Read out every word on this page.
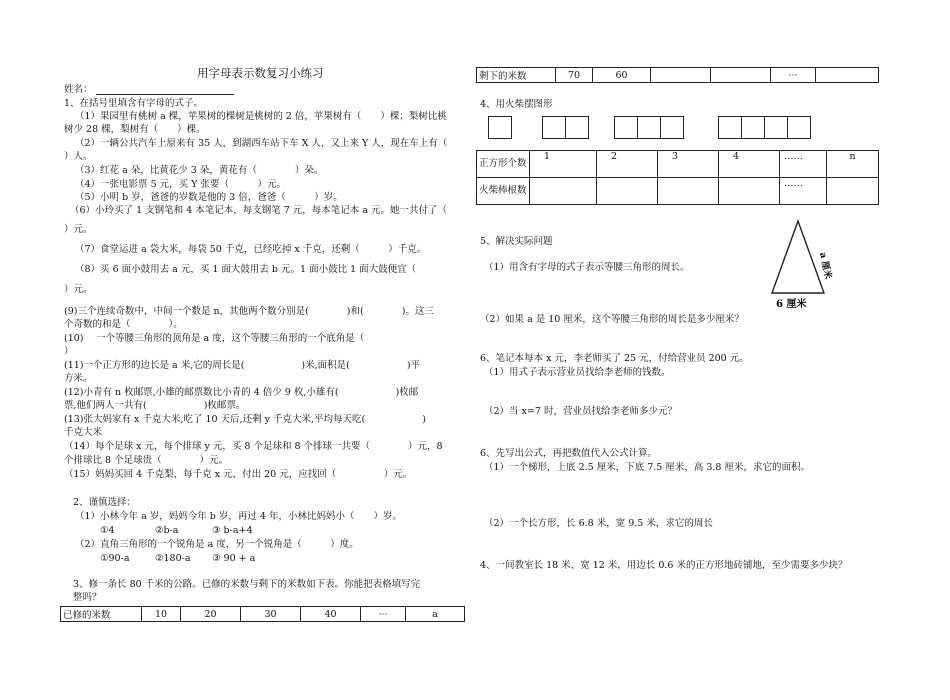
用字母表示数复习小练习
姓名：
1、在括号里填含有字母的式子。
（1）果园里有桃树 a 棵，苹果树的棵树是桃树的 2 倍，苹果树有（　　）棵；梨树比桃
树少 28 棵，梨树有（　　）棵。
（2）一辆公共汽车上原来有 35 人，到湖西车站下车 X 人，又上来 Y 人，现在车上有（
）人。
（3）红花 a 朵，比黄花少 3 朵，黄花有（　　　　）朵。
（4）一张电影票 5 元，买 Y 张要（　　　）元。
（5）小明 b 岁，爸爸的岁数是他的 3 倍，爸爸（　　　）岁。
（6）小玲买了 1 支钢笔和 4 本笔记本，每支钢笔 7 元，每本笔记本 a 元。她一共付了（
）元。
（7）食堂运进 a 袋大米，每袋 50 千克，已经吃掉 x 千克，还剩（　　　）千克。
（8）买 6 面小鼓用去 a 元，买 1 面大鼓用去 b 元。1 面小鼓比 1 面大鼓便宜（
）元。
(9)三个连续奇数中，中间一个数是 n，其他两个数分别是(　　　　)和(　　　　)。这三
个奇数的和是（　　　　）。
(10)　 一个等腰三角形的顶角是 a 度，这个等腰三角形的一个底角是（
）
(11)一个正方形的边长是 a 米,它的周长是(　　　　　　)米,面积是(　　　　　　)平
方米。
(12)小青有 n 枚邮票,小雄的邮票数比小青的 4 倍少 9 枚,小雄有(　　　　　　)枚邮
票,他们两人一共有(　　　　　　)枚邮票。
(13)张大妈家有 x 千克大米,吃了 10 天后,还剩 y 千克大米,平均每天吃(　　　　　　)
千克大米
（14）每个足球 x 元，每个排球 y 元，买 8 个足球和 8 个排球一共要（　　　　）元，8
个排球比 8 个足球贵（　　　　）元。
（15）妈妈买回 4 千克梨，每千克 x 元，付出 20 元，应找回（　　　　　）元。
2、谨慎选择：
（1）小林今年 a 岁，妈妈今年 b 岁，再过 4 年，小林比妈妈小（　　）岁。
①4	②b-a	③ b-a+4
（2）直角三角形的一个锐角是 a 度，另一个锐角是（　　　）度。
①90-a	②180-a ③ 90 + a
3、修一条长 80 千米的公路。已修的米数与剩下的米数如下表。你能把表格填写完
整吗？
已修的米数	10	20	30	40	···	a
剩下的米数	70	60			···	
4、用火柴摆图形
正方形个数	1	2	3	4	……	n
火柴棒根数					……	
5、解决实际问题
（1）用含有字母的式子表示等腰三角形的周长。	a 厘米
6 厘米
（2）如果 a 是 10 厘米，这个等腰三角形的周长是多少厘米？
6、笔记本每本 x 元，李老师买了 25 元，付给营业员 200 元。
（1）用式子表示营业员找给李老师的钱数。
（2）当 x=7 时，营业员找给李老师多少元？
6、先写出公式，再把数值代入公式计算。
（1）一个梯形，上底 2.5 厘米，下底 7.5 厘米，高 3.8 厘米，求它的面积。
（2）一个长方形，长 6.8 米，宽 9.5 米，求它的周长
4、一间教室长 18 米、宽 12 米，用边长 0.6 米的正方形地砖铺地，至少需要多少块？
